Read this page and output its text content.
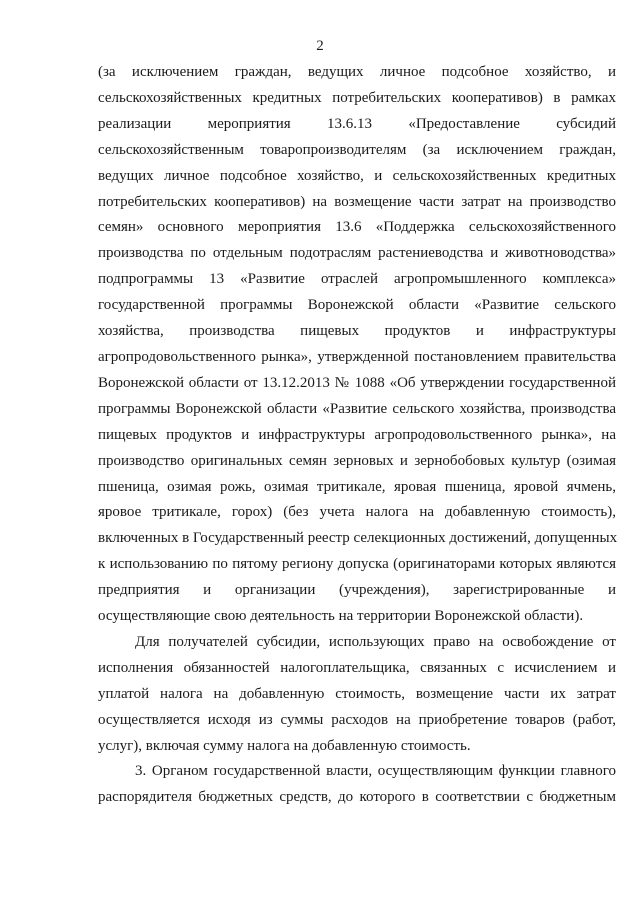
2
(за исключением граждан, ведущих личное подсобное хозяйство, и
сельскохозяйственных кредитных потребительских кооперативов) в рамках
реализации мероприятия 13.6.13 «Предоставление субсидий
сельскохозяйственным товаропроизводителям (за исключением граждан,
ведущих личное подсобное хозяйство, и сельскохозяйственных кредитных
потребительских кооперативов) на возмещение части затрат на производство
семян» основного мероприятия 13.6 «Поддержка сельскохозяйственного
производства по отдельным подотраслям растениеводства и животноводства»
подпрограммы 13 «Развитие отраслей агропромышленного комплекса»
государственной программы Воронежской области «Развитие сельского
хозяйства, производства пищевых продуктов и инфраструктуры
агропродовольственного рынка», утвержденной постановлением правительства
Воронежской области от 13.12.2013 № 1088 «Об утверждении государственной
программы Воронежской области «Развитие сельского хозяйства, производства
пищевых продуктов и инфраструктуры агропродовольственного рынка», на
производство оригинальных семян зерновых и зернобобовых культур (озимая
пшеница, озимая рожь, озимая тритикале, яровая пшеница, яровой ячмень,
яровое тритикале, горох) (без учета налога на добавленную стоимость),
включенных в Государственный реестр селекционных достижений, допущенных
к использованию по пятому региону допуска (оригинаторами которых являются
предприятия и организации (учреждения), зарегистрированные и
осуществляющие свою деятельность на территории Воронежской области).
Для получателей субсидии, использующих право на освобождение от
исполнения обязанностей налогоплательщика, связанных с исчислением и
уплатой налога на добавленную стоимость, возмещение части их затрат
осуществляется исходя из суммы расходов на приобретение товаров (работ,
услуг), включая сумму налога на добавленную стоимость.
3. Органом государственной власти, осуществляющим функции главного
распорядителя бюджетных средств, до которого в соответствии с бюджетным
